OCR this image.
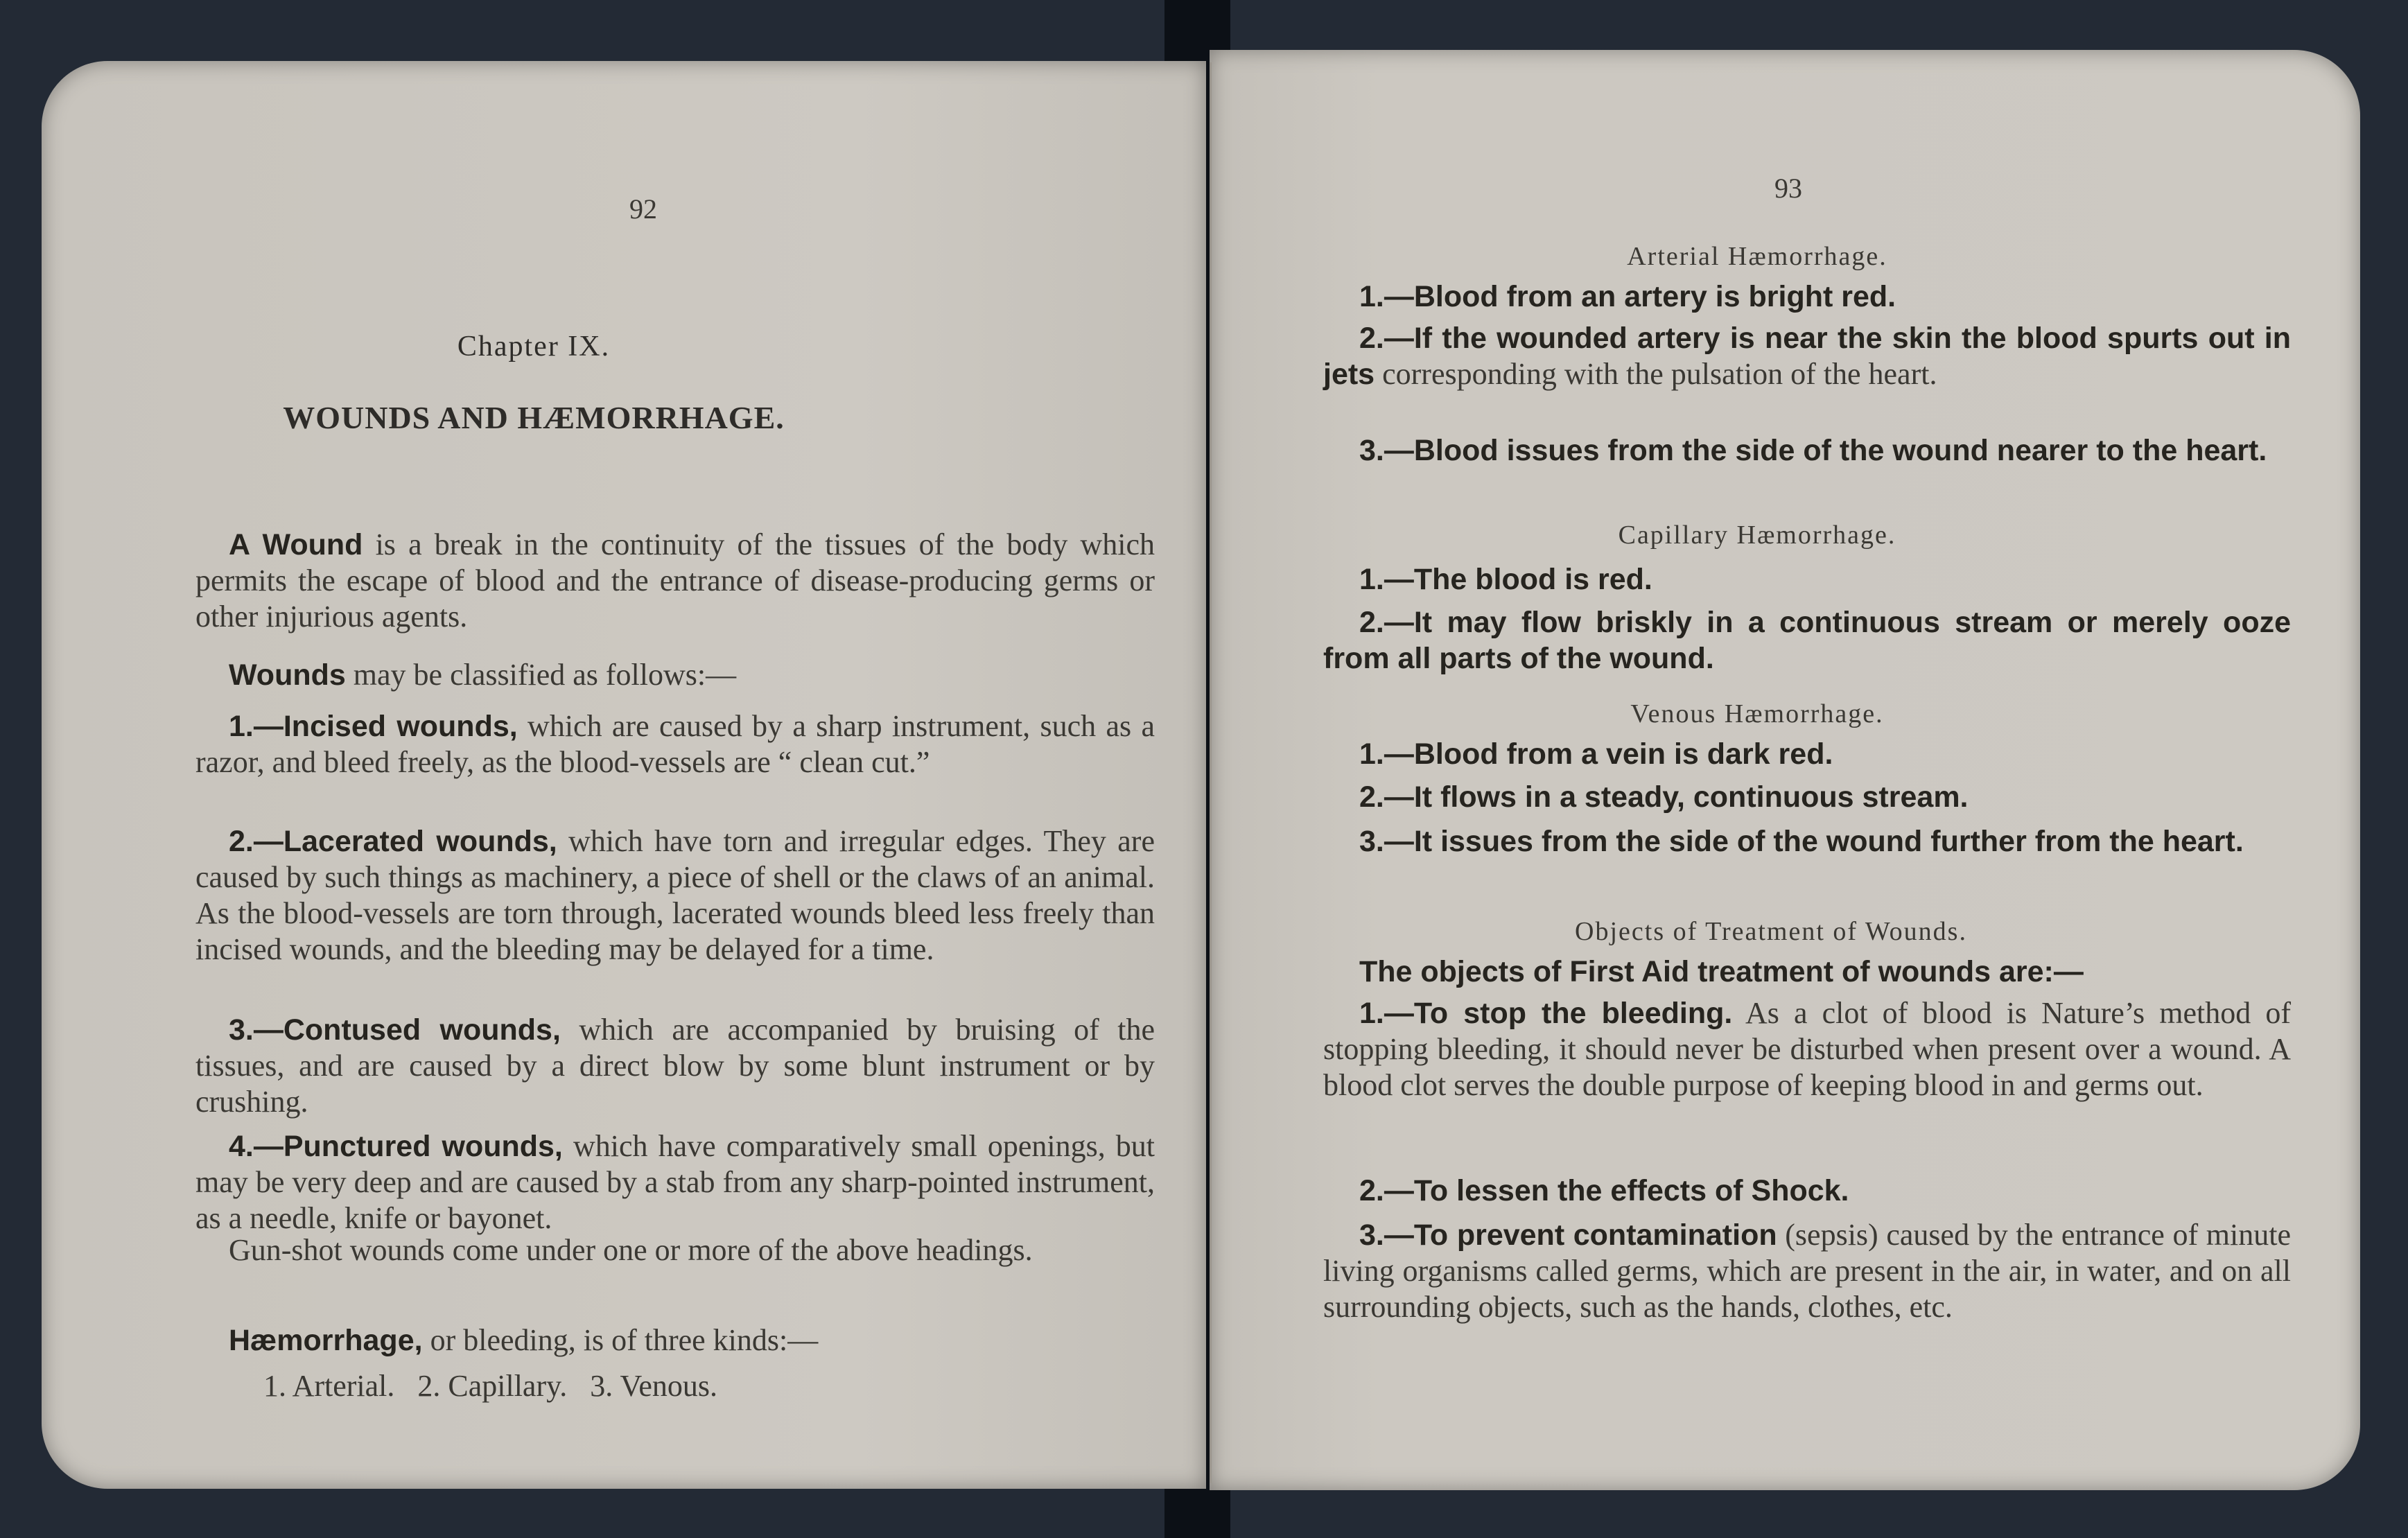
92
Chapter IX.
WOUNDS AND HÆMORRHAGE.
A Wound is a break in the continuity of the tissues of the body which permits the escape of blood and the entrance of disease-producing germs or other injurious agents.
Wounds may be classified as follows:—
1.—Incised wounds, which are caused by a sharp instrument, such as a razor, and bleed freely, as the blood-vessels are “ clean cut.”
2.—Lacerated wounds, which have torn and irregular edges. They are caused by such things as machinery, a piece of shell or the claws of an animal. As the blood-vessels are torn through, lacerated wounds bleed less freely than incised wounds, and the bleeding may be delayed for a time.
3.—Contused wounds, which are accompanied by bruising of the tissues, and are caused by a direct blow by some blunt instrument or by crushing.
4.—Punctured wounds, which have comparatively small openings, but may be very deep and are caused by a stab from any sharp-pointed instrument, as a needle, knife or bayonet.
Gun-shot wounds come under one or more of the above headings.
Hæmorrhage, or bleeding, is of three kinds:—
1. Arterial.   2. Capillary.   3. Venous.
93
Arterial Hæmorrhage.
1.—Blood from an artery is bright red.
2.—If the wounded artery is near the skin the blood spurts out in jets corresponding with the pulsation of the heart.
3.—Blood issues from the side of the wound nearer to the heart.
Capillary Hæmorrhage.
1.—The blood is red.
2.—It may flow briskly in a continuous stream or merely ooze from all parts of the wound.
Venous Hæmorrhage.
1.—Blood from a vein is dark red.
2.—It flows in a steady, continuous stream.
3.—It issues from the side of the wound further from the heart.
Objects of Treatment of Wounds.
The objects of First Aid treatment of wounds are:—
1.—To stop the bleeding. As a clot of blood is Nature’s method of stopping bleeding, it should never be disturbed when present over a wound. A blood clot serves the double purpose of keeping blood in and germs out.
2.—To lessen the effects of Shock.
3.—To prevent contamination (sepsis) caused by the entrance of minute living organisms called germs, which are present in the air, in water, and on all surrounding objects, such as the hands, clothes, etc.
